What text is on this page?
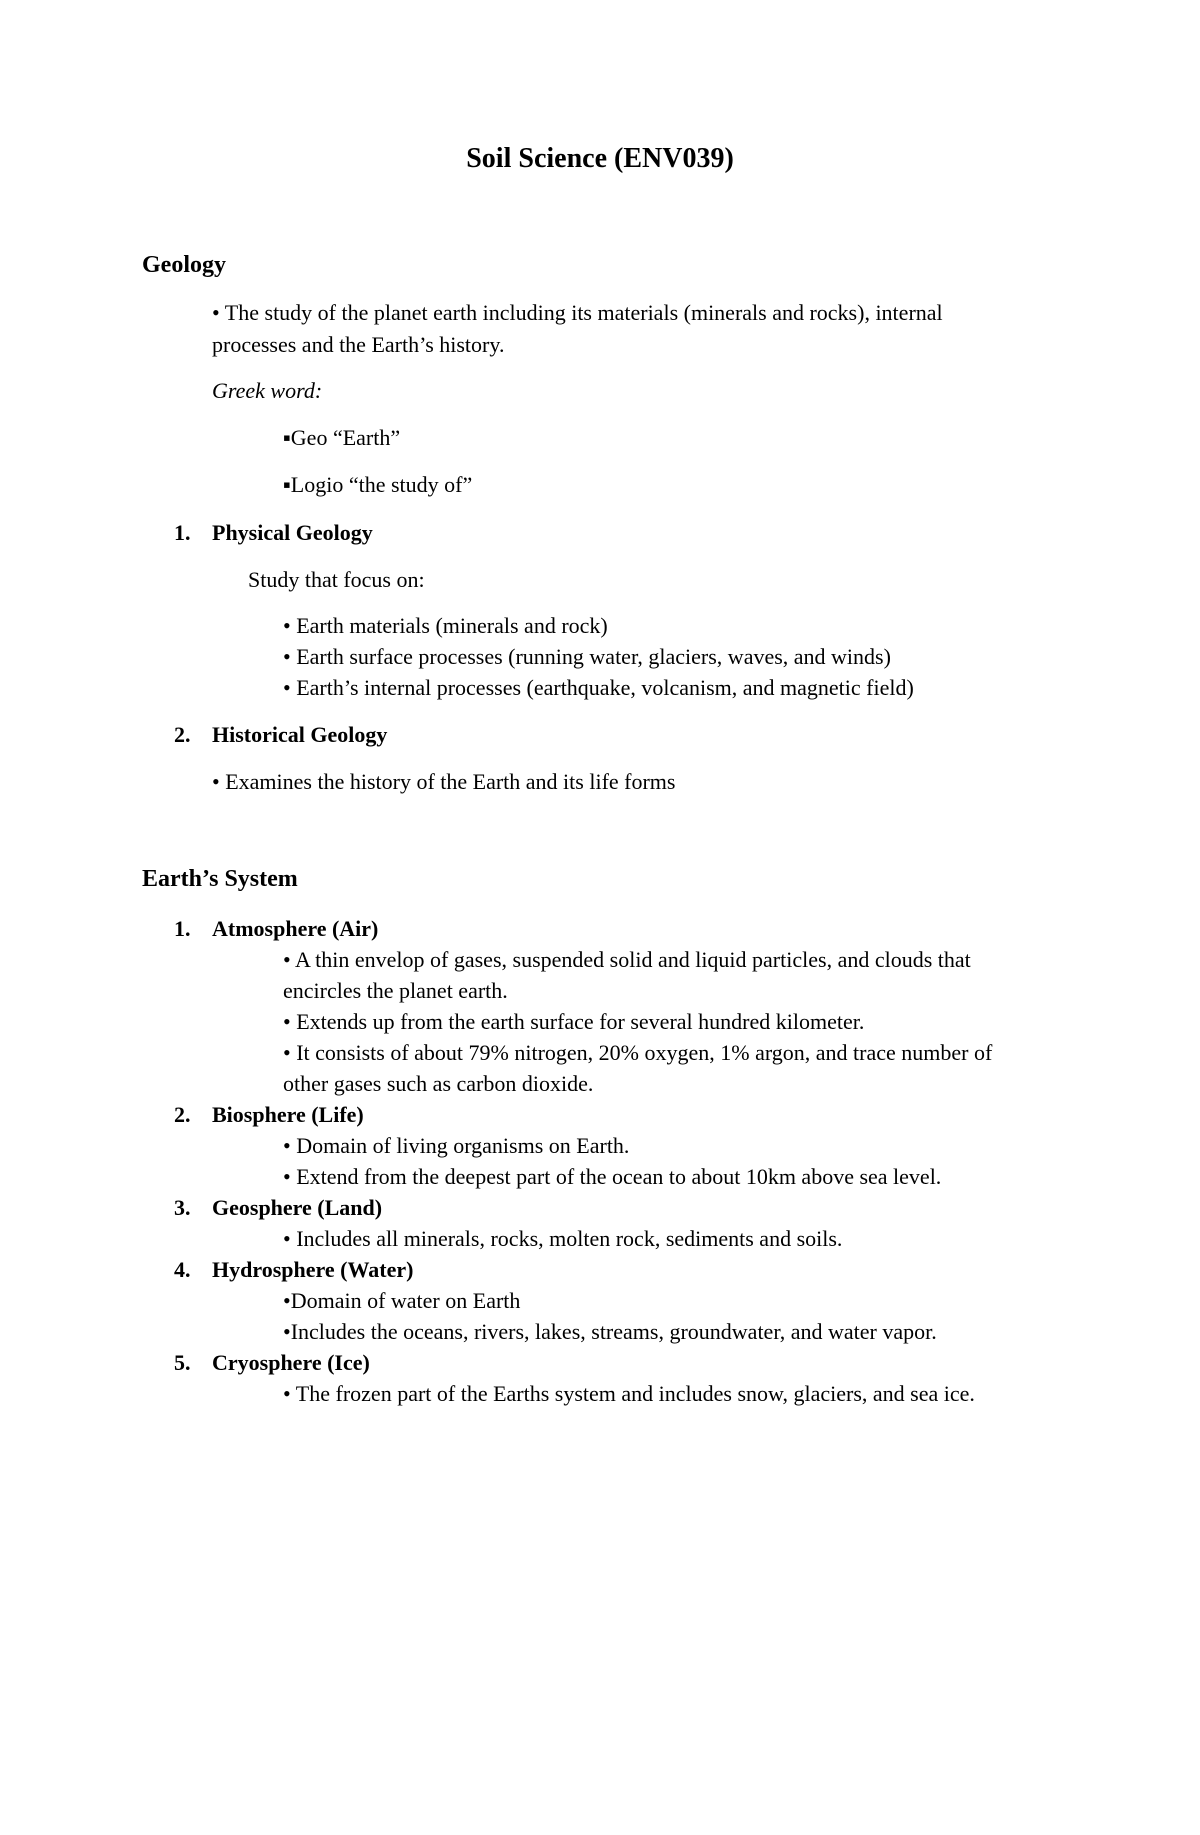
Soil Science (ENV039)
Geology
• The study of the planet earth including its materials (minerals and rocks), internal
processes and the Earth’s history.
Greek word:
▪Geo “Earth”
▪Logio “the study of”
1. Physical Geology
Study that focus on:
• Earth materials (minerals and rock)
• Earth surface processes (running water, glaciers, waves, and winds)
• Earth’s internal processes (earthquake, volcanism, and magnetic field)
2. Historical Geology
• Examines the history of the Earth and its life forms
Earth’s System
1. Atmosphere (Air)
• A thin envelop of gases, suspended solid and liquid particles, and clouds that
encircles the planet earth.
• Extends up from the earth surface for several hundred kilometer.
• It consists of about 79% nitrogen, 20% oxygen, 1% argon, and trace number of
other gases such as carbon dioxide.
2. Biosphere (Life)
• Domain of living organisms on Earth.
• Extend from the deepest part of the ocean to about 10km above sea level.
3. Geosphere (Land)
• Includes all minerals, rocks, molten rock, sediments and soils.
4. Hydrosphere (Water)
•Domain of water on Earth
•Includes the oceans, rivers, lakes, streams, groundwater, and water vapor.
5. Cryosphere (Ice)
• The frozen part of the Earths system and includes snow, glaciers, and sea ice.
